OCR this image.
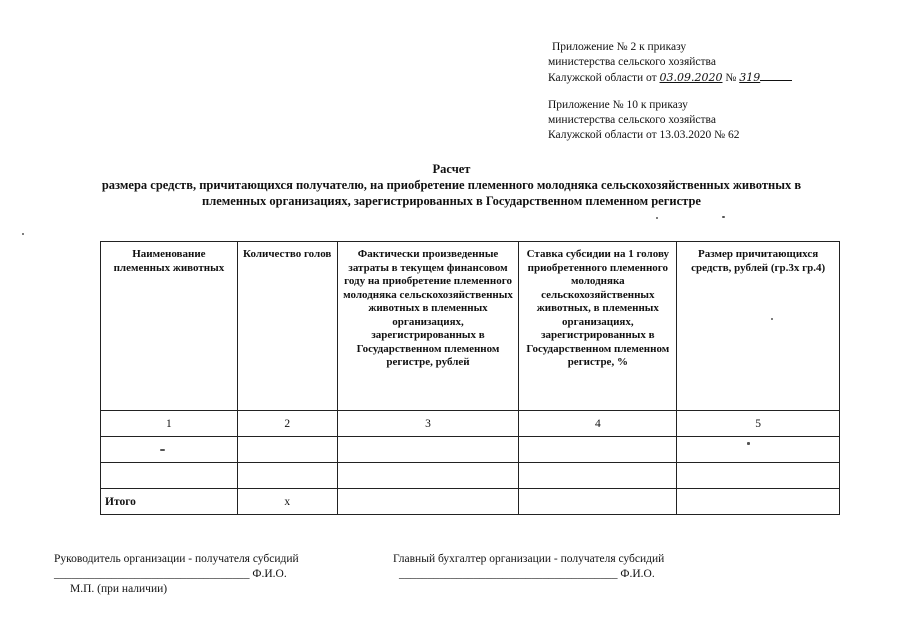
Приложение № 2 к приказу
министерства сельского хозяйства
Калужской области от 03.09.2020 № 319
Приложение № 10 к приказу
министерства сельского хозяйства
Калужской области от 13.03.2020 № 62
Расчет
размера средств, причитающихся получателю, на приобретение племенного молодняка сельскохозяйственных животных в
племенных организациях, зарегистрированных в Государственном племенном регистре
Наименование племенных животных	Количество голов	Фактически произведенные затраты в текущем финансовом году на приобретение племенного молодняка сельскохозяйственных животных в племенных организациях, зарегистрированных в Государственном племенном регистре, рублей	Ставка субсидии на 1 голову приобретенного племенного молодняка сельскохозяйственных животных, в племенных организациях, зарегистрированных в Государственном племенном регистре, %	Размер причитающихся средств, рублей (гр.3х гр.4)
1	2	3	4	5

Итого	х			
Руководитель организации - получателя субсидий
__________________________________ Ф.И.О.
М.П. (при наличии)
Главный бухгалтер организации - получателя субсидий
______________________________________ Ф.И.О.
